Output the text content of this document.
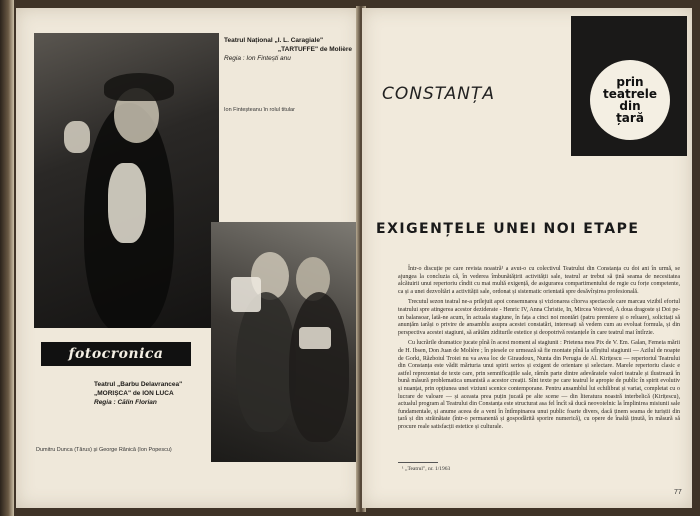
Teatrul Național „I. L. Caragiale"
„TARTUFFE" de Molière
Regia : Ion Fintești anu
Ion Finteșteanu în rolul titular
fotocronica
Teatrul „Barbu Delavrancea"
„MORIȘCA" de ION LUCA
Regia : Călin Florian
Dumitru Dunca (Tărus) și George Rănică (Ion Popescu)
CONSTANȚA
prin
teatrele
din
țară
EXIGENȚELE UNEI NOI ETAPE

Într-o discuție pe care revista noastră¹ a avut-o cu colectivul Teatrului din Constanța cu doi ani în urmă, se ajungea la concluzia că, în vederea îmbunătățirii activității sale, teatrul ar trebui să țină seama de necesitatea alcătuirii unui repertoriu cîndit cu mai multă exigență, de asigurarea compartimentului de regie cu forțe competente, ca și a unei dezvoltări a activității sale, ordonat și sistematic orientată spre desăvîrșirea profesională.

Trecutul sezon teatral ne-a prilejuit apoi consemnarea și vizionarea cîtorva spectacole care marcau vizibil efortul teatrului spre atingerea acestor deziderate - Henric IV, Anna Christie, In, Mircea Voievod, A doua dragoste și Doi pe-un balansoar, lată-ne acum, în actuala stagiune, în fața a cinci noi montări (patru premiere și o reluare), solicitați să anunțăm iarăși o privire de ansamblu asupra acestei constatări, interesați să vedem cum au evoluat formula, și din perspectiva acestei stagiuni, să arătăm ziditurile estetice și deopotrivă restanțele în care teatrul mai întîrzie.

Cu lucrările dramatice jucate pînă în acest moment al stagiunii : Prietena mea Pix de V. Em. Galan, Femeia mării de H. Ibsen, Don Juan de Molière ; în piesele ce urmează să fie montate pînă la sfîrșitul stagiunii — Azilul de noapte de Gorki, Războiul Troiei nu va avea loc de Giraudoux, Nunta din Perugia de Al. Kirițescu — repertoriul Teatrului din Constanța este vădit mărturia unui spirit serios și exigent de orientare și selectare. Marele repertoriu clasic e astfel reprezentat de texte care, prin semnificațiile sale, rămîn parte dintre adevăratele valori teatrale și ilustrează în bună măsură problematica umanistă a acestor creații. Sînt texte pe care teatrul le apropie de public în spirit evolutiv și nuanțat, prin opțiunea unei viziuni scenice contemporane. Pentru ansamblul lui echilibrat și variat, completat cu o lucrare de valoare — și aceasta prea puțin jucată pe alte scene — din literatura noastră interbelică (Kirițescu), actualul program al Teatrului din Constanța este structurat asa fel încît să ducă neovoielnic la împlinirea misiunii sale fundamentale, și anume aceea de a veni în întîmpinarea unui public foarte divers, dacă ținem seama de turiștii din țară și din străinătate (într-o permanentă și gospodărită sporire numerică), cu opere de înaltă ținută, în măsură să procure reale satisfacții estetice și culturale.

¹ „Teatrul", nr. 1/1963
77
